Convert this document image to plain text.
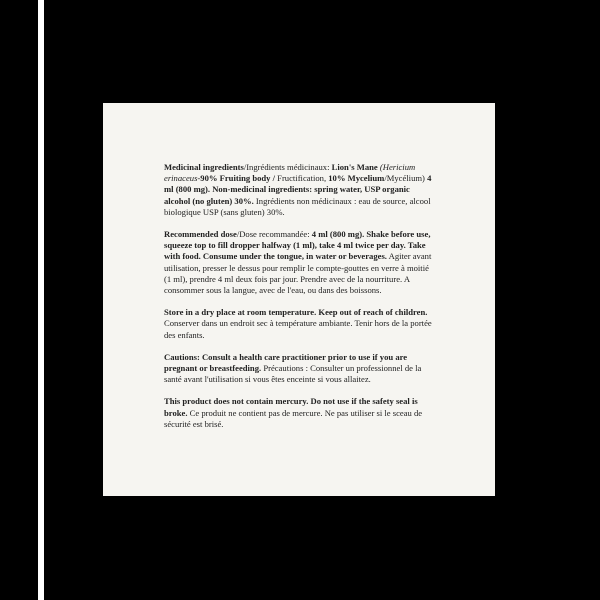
Medicinal ingredients/Ingrédients médicinaux: Lion's Mane (Hericium erinaceus-90% Fruiting body / Fructification, 10% Mycelium/Mycélium) 4 ml (800 mg). Non-medicinal ingredients: spring water, USP organic alcohol (no gluten) 30%. Ingrédients non médicinaux : eau de source, alcool biologique USP (sans gluten) 30%.

Recommended dose/Dose recommandée: 4 ml (800 mg). Shake before use, squeeze top to fill dropper halfway (1 ml), take 4 ml twice per day. Take with food. Consume under the tongue, in water or beverages. Agiter avant utilisation, presser le dessus pour remplir le compte-gouttes en verre à moitié (1 ml), prendre 4 ml deux fois par jour. Prendre avec de la nourriture. A consommer sous la langue, avec de l'eau, ou dans des boissons.

Store in a dry place at room temperature. Keep out of reach of children. Conserver dans un endroit sec à température ambiante. Tenir hors de la portée des enfants.

Cautions: Consult a health care practitioner prior to use if you are pregnant or breastfeeding. Précautions : Consulter un professionnel de la santé avant l'utilisation si vous êtes enceinte si vous allaitez.

This product does not contain mercury. Do not use if the safety seal is broke. Ce produit ne contient pas de mercure. Ne pas utiliser si le sceau de sécurité est brisé.
